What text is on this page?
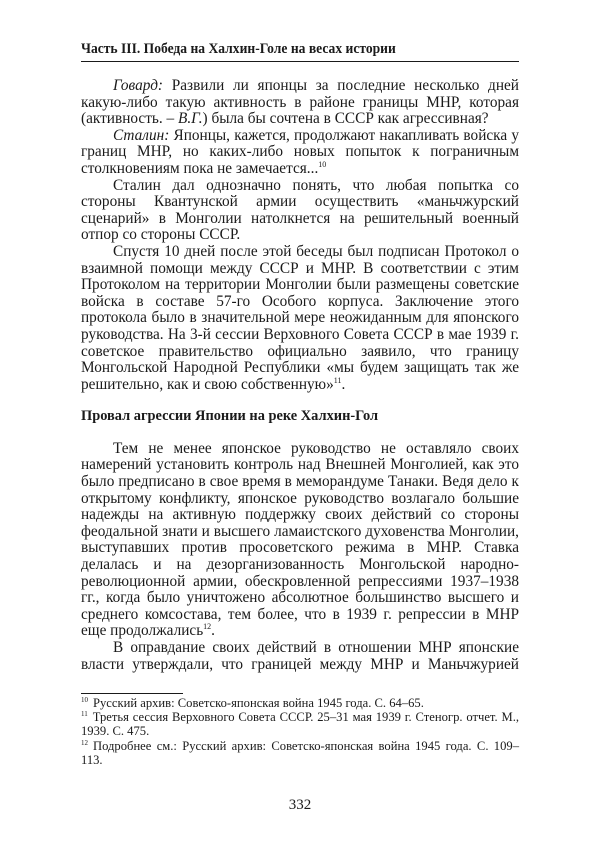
Часть III. Победа на Халхин-Голе на весах истории

Говард: Развили ли японцы за последние несколько дней какую-либо такую активность в районе границы МНР, которая (активность. – В.Г.) была бы сочтена в СССР как агрессивная?

Сталин: Японцы, кажется, продолжают накапливать войска у границ МНР, но каких-либо новых попыток к пограничным столкновениям пока не замечается...$^{10}$

Сталин дал однозначно понять, что любая попытка со стороны Квантунской армии осуществить «маньчжурский сценарий» в Монголии натолкнется на решительный военный отпор со стороны СССР.

Спустя 10 дней после этой беседы был подписан Протокол о взаимной помощи между СССР и МНР. В соответствии с этим Протоколом на территории Монголии были размещены советские войска в составе 57-го Особого корпуса. Заключение этого протокола было в значительной мере неожиданным для японского руководства. На 3-й сессии Верховного Совета СССР в мае 1939 г. советское правительство официально заявило, что границу Монгольской Народной Республики «мы будем защищать так же решительно, как и свою собственную»$^{11}$.

Провал агрессии Японии на реке Халхин-Гол

Тем не менее японское руководство не оставляло своих намерений установить контроль над Внешней Монголией, как это было предписано в свое время в меморандуме Танаки. Ведя дело к открытому конфликту, японское руководство возлагало большие надежды на активную поддержку своих действий со стороны феодальной знати и высшего ламаистского духовенства Монголии, выступавших против просоветского режима в МНР. Ставка делалась и на дезорганизованность Монгольской народно-революционной армии, обескровленной репрессиями 1937–1938 гг., когда было уничтожено абсолютное большинство высшего и среднего комсостава, тем более, что в 1939 г. репрессии в МНР еще продолжались$^{12}$.

В оправдание своих действий в отношении МНР японские власти утверждали, что границей между МНР и Маньчжурией

$^{10}$ Русский архив: Советско-японская война 1945 года. С. 64–65.

$^{11}$ Третья сессия Верховного Совета СССР. 25–31 мая 1939 г. Стеногр. отчет. М., 1939. С. 475.

$^{12}$ Подробнее см.: Русский архив: Советско-японская война 1945 года. С. 109–113.

332
